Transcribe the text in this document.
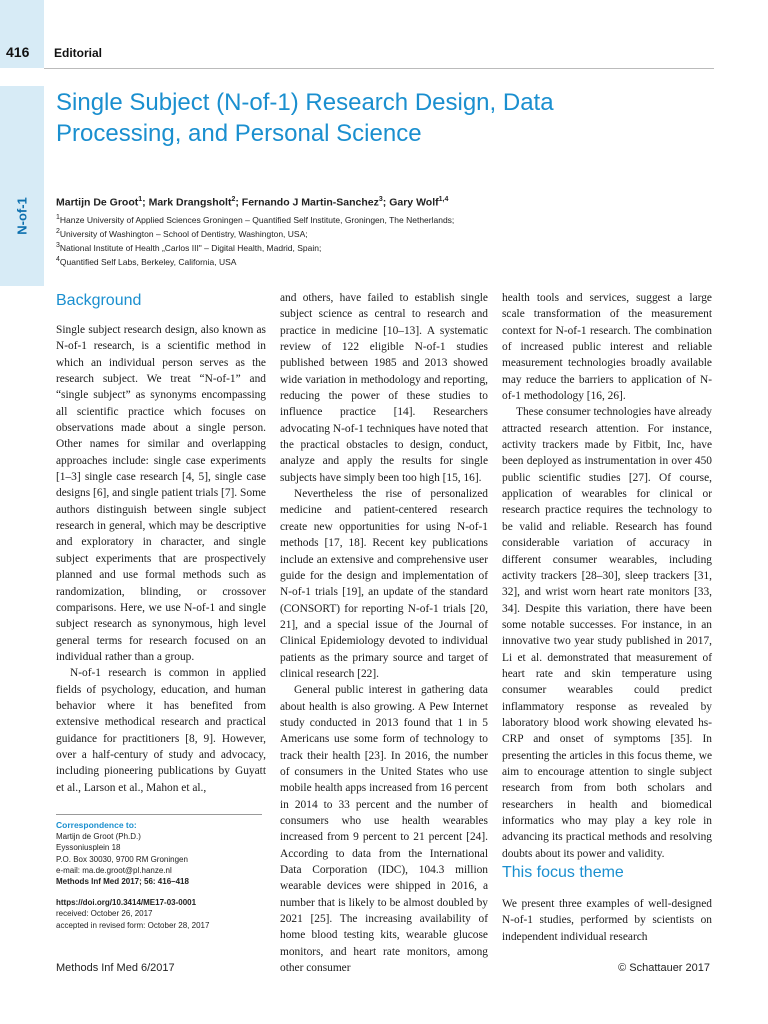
416 Editorial
N-of-1
Single Subject (N-of-1) Research Design, Data Processing, and Personal Science
Martijn De Groot$^1$; Mark Drangsholt$^2$; Fernando J Martin-Sanchez$^3$; Gary Wolf$^{1,4}$
$^1$Hanze University of Applied Sciences Groningen – Quantified Self Institute, Groningen, The Netherlands;
$^2$University of Washington – School of Dentistry, Washington, USA;
$^3$National Institute of Health „Carlos III" – Digital Health, Madrid, Spain;
$^4$Quantified Self Labs, Berkeley, California, USA
Background

Single subject research design, also known as N-of-1 research, is a scientific method in which an individual person serves as the research subject. We treat “N-of-1” and “single subject” as synonyms encompassing all scientific practice which focuses on observations made about a single person. Other names for similar and overlapping approaches include: single case experiments [1–3] single case research [4, 5], single case designs [6], and single patient trials [7]. Some authors distinguish between single subject research in general, which may be descriptive and exploratory in character, and single subject experiments that are prospectively planned and use formal methods such as randomization, blinding, or crossover comparisons. Here, we use N-of-1 and single subject research as synonymous, high level general terms for research focused on an individual rather than a group.

N-of-1 research is common in applied fields of psychology, education, and human behavior where it has benefited from extensive methodical research and practical guidance for practitioners [8, 9]. However, over a half-century of study and advocacy, including pioneering publications by Guyatt et al., Larson et al., Mahon et al.,

and others, have failed to establish single subject science as central to research and practice in medicine [10–13]. A systematic review of 122 eligible N-of-1 studies published between 1985 and 2013 showed wide variation in methodology and reporting, reducing the power of these studies to influence practice [14]. Researchers advocating N-of-1 techniques have noted that the practical obstacles to design, conduct, analyze and apply the results for single subjects have simply been too high [15, 16].

Nevertheless the rise of personalized medicine and patient-centered research create new opportunities for using N-of-1 methods [17, 18]. Recent key publications include an extensive and comprehensive user guide for the design and implementation of N-of-1 trials [19], an update of the standard (CONSORT) for reporting N-of-1 trials [20, 21], and a special issue of the Journal of Clinical Epidemiology devoted to individual patients as the primary source and target of clinical research [22].

General public interest in gathering data about health is also growing. A Pew Internet study conducted in 2013 found that 1 in 5 Americans use some form of technology to track their health [23]. In 2016, the number of consumers in the United States who use mobile health apps increased from 16 percent in 2014 to 33 percent and the number of consumers who use health wearables increased from 9 percent to 21 percent [24]. According to data from the International Data Corporation (IDC), 104.3 million wearable devices were shipped in 2016, a number that is likely to be almost doubled by 2021 [25]. The increasing availability of home blood testing kits, wearable glucose monitors, and heart rate monitors, among other consumer

health tools and services, suggest a large scale transformation of the measurement context for N-of-1 research. The combination of increased public interest and reliable measurement technologies broadly available may reduce the barriers to application of N-of-1 methodology [16, 26].

These consumer technologies have already attracted research attention. For instance, activity trackers made by Fitbit, Inc, have been deployed as instrumentation in over 450 public scientific studies [27]. Of course, application of wearables for clinical or research practice requires the technology to be valid and reliable. Research has found considerable variation of accuracy in different consumer wearables, including activity trackers [28–30], sleep trackers [31, 32], and wrist worn heart rate monitors [33, 34]. Despite this variation, there have been some notable successes. For instance, in an innovative two year study published in 2017, Li et al. demonstrated that measurement of heart rate and skin temperature using consumer wearables could predict inflammatory response as revealed by laboratory blood work showing elevated hs-CRP and onset of symptoms [35]. In presenting the articles in this focus theme, we aim to encourage attention to single subject research from from both scholars and researchers in health and biomedical informatics who may play a key role in advancing its practical methods and resolving doubts about its power and validity.

This focus theme

We present three examples of well-designed N-of-1 studies, performed by scientists on independent individual research

Correspondence to:
Martijn de Groot (Ph.D.)
Eyssoniusplein 18
P.O. Box 30030, 9700 RM Groningen
e-mail: ma.de.groot@pl.hanze.nl
Methods Inf Med 2017; 56: 416–418
https://doi.org/10.3414/ME17-03-0001
received: October 26, 2017
accepted in revised form: October 28, 2017
Methods Inf Med 6/2017	© Schattauer 2017
